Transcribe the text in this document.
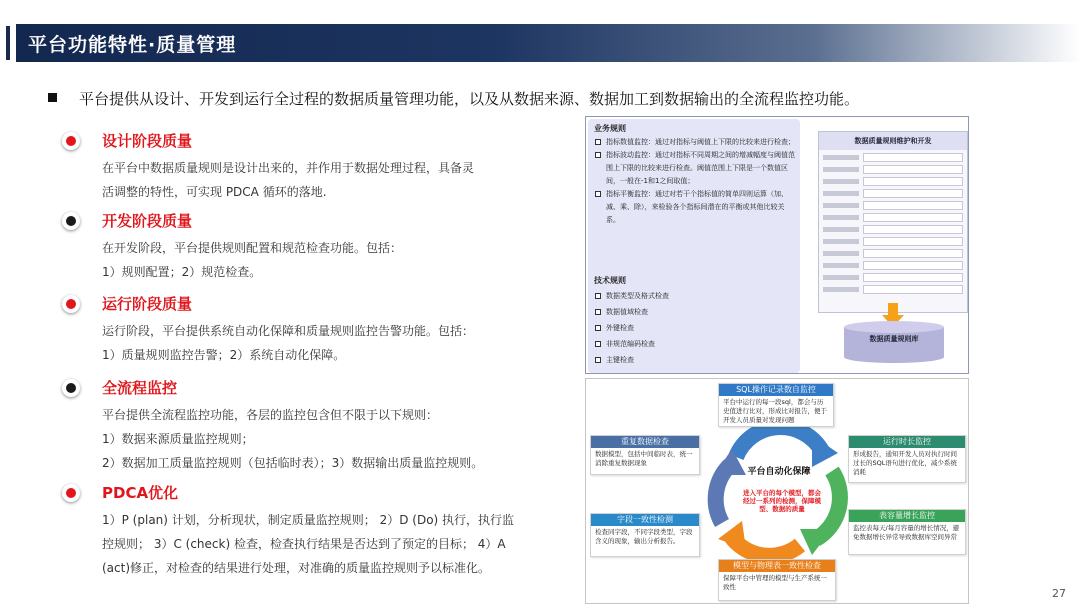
平台功能特性·质量管理
平台提供从设计、开发到运行全过程的数据质量管理功能，以及从数据来源、数据加工到数据输出的全流程监控功能。
设计阶段质量

在平台中数据质量规则是设计出来的，并作用于数据处理过程，具备灵

活调整的特性，可实现 PDCA 循环的落地.

开发阶段质量

在开发阶段，平台提供规则配置和规范检查功能。包括：

1）规则配置；2）规范检查。

运行阶段质量

运行阶段，平台提供系统自动化保障和质量规则监控告警功能。包括：

1）质量规则监控告警；2）系统自动化保障。

全流程监控

平台提供全流程监控功能，各层的监控包含但不限于以下规则：

1）数据来源质量监控规则；

2）数据加工质量监控规则（包括临时表）；3）数据输出质量监控规则。

PDCA优化

1）P (plan) 计划，分析现状，制定质量监控规则； 2）D (Do) 执行，执行监

控规则； 3）C (check) 检查，检查执行结果是否达到了预定的目标； 4）A

(act)修正，对检查的结果进行处理，对准确的质量监控规则予以标准化。

业务规则
指标数值监控：通过对指标与阈值上下限的比较来进行检查；
指标波动监控：通过对指标不同周期之间的增减幅度与阈值范围上下限的比较来进行检查。阈值范围上下限是一个数值区间，一般在-1和1之间取值；
指标平衡监控：通过对若干个指标值的简单四则运算（加、减、乘、除），来检验各个指标间潜在的平衡或其他比较关系。
技术规则
数据类型及格式检查
数据值域检查
外键检查
非规范编码检查
主键检查
数据质量规则维护和开发
数据质量规则库
平台自动化保障
进入平台的每个模型，都会经过一系列的检测，保障模型、数据的质量
SQL操作记录数自监控
平台中运行的每一段sql，都会与历史值进行比对，形成比对报告，便于开发人员质量对发现问题
运行时长监控
形成报告，通知开发人员对执行时间过长的SQL语句进行优化，减少系统消耗
表容量增长监控
监控表每天/每月容量的增长情况，避免数据增长异常导致数据库空间异常
模型与物理表一致性检查
保障平台中管理的模型与生产系统一致性
字段一致性检测
检查同字段，不同字段类型，字段含义的现象，输出分析报告。
重复数据检查
数据模型，包括中间临时表，统一消除重复数据现象
27
